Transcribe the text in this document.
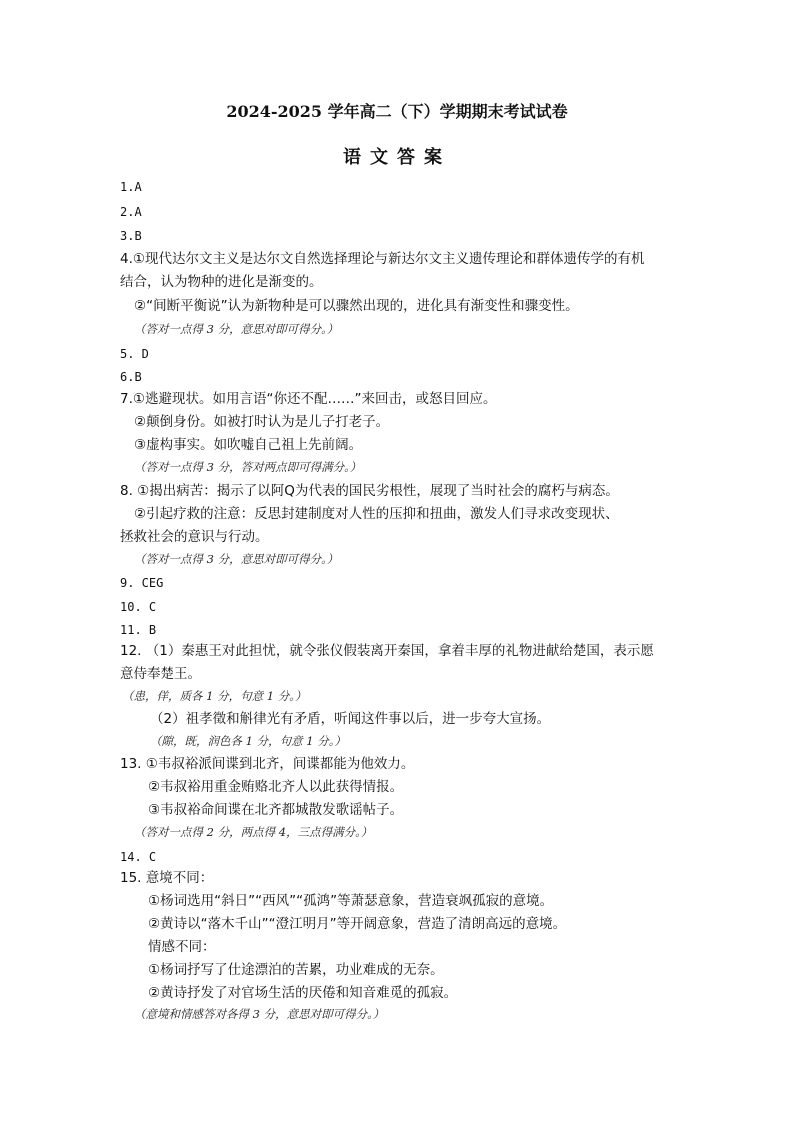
2024-2025 学年高二（下）学期期末考试试卷
语文答案
1.A
2.A
3.B
4.①现代达尔文主义是达尔文自然选择理论与新达尔文主义遗传理论和群体遗传学的有机
结合，认为物种的进化是渐变的。
②“间断平衡说”认为新物种是可以骤然出现的，进化具有渐变性和骤变性。
（答对一点得 3 分，意思对即可得分。）
5. D
6.B
7.①逃避现状。如用言语“你还不配……”来回击，或怒目回应。
②颠倒身份。如被打时认为是儿子打老子。
③虚构事实。如吹嘘自己祖上先前阔。
（答对一点得 3 分，答对两点即可得满分。）
8. ①揭出病苦：揭示了以阿Q为代表的国民劣根性，展现了当时社会的腐朽与病态。
②引起疗救的注意：反思封建制度对人性的压抑和扭曲，激发人们寻求改变现状、
拯救社会的意识与行动。
（答对一点得 3 分，意思对即可得分。）
9. CEG
10. C
11. B
12. （1）秦惠王对此担忧，就令张仪假装离开秦国，拿着丰厚的礼物进献给楚国，表示愿
意侍奉楚王。
（患，佯，质各 1 分，句意 1 分。）
（2）祖孝徵和斛律光有矛盾，听闻这件事以后，进一步夸大宣扬。
（隙，既，润色各 1 分，句意 1 分。）
13. ①韦叔裕派间谍到北齐，间谍都能为他效力。
②韦叔裕用重金贿赂北齐人以此获得情报。
③韦叔裕命间谍在北齐都城散发歌谣帖子。
（答对一点得 2 分，两点得 4，三点得满分。）
14. C
15. 意境不同：
①杨词选用“斜日”“西风”“孤鸿”等萧瑟意象，营造衰飒孤寂的意境。
②黄诗以“落木千山”“澄江明月”等开阔意象，营造了清朗高远的意境。
情感不同：
①杨词抒写了仕途漂泊的苦累，功业难成的无奈。
②黄诗抒发了对官场生活的厌倦和知音难觅的孤寂。
（意境和情感答对各得 3 分，意思对即可得分。）
